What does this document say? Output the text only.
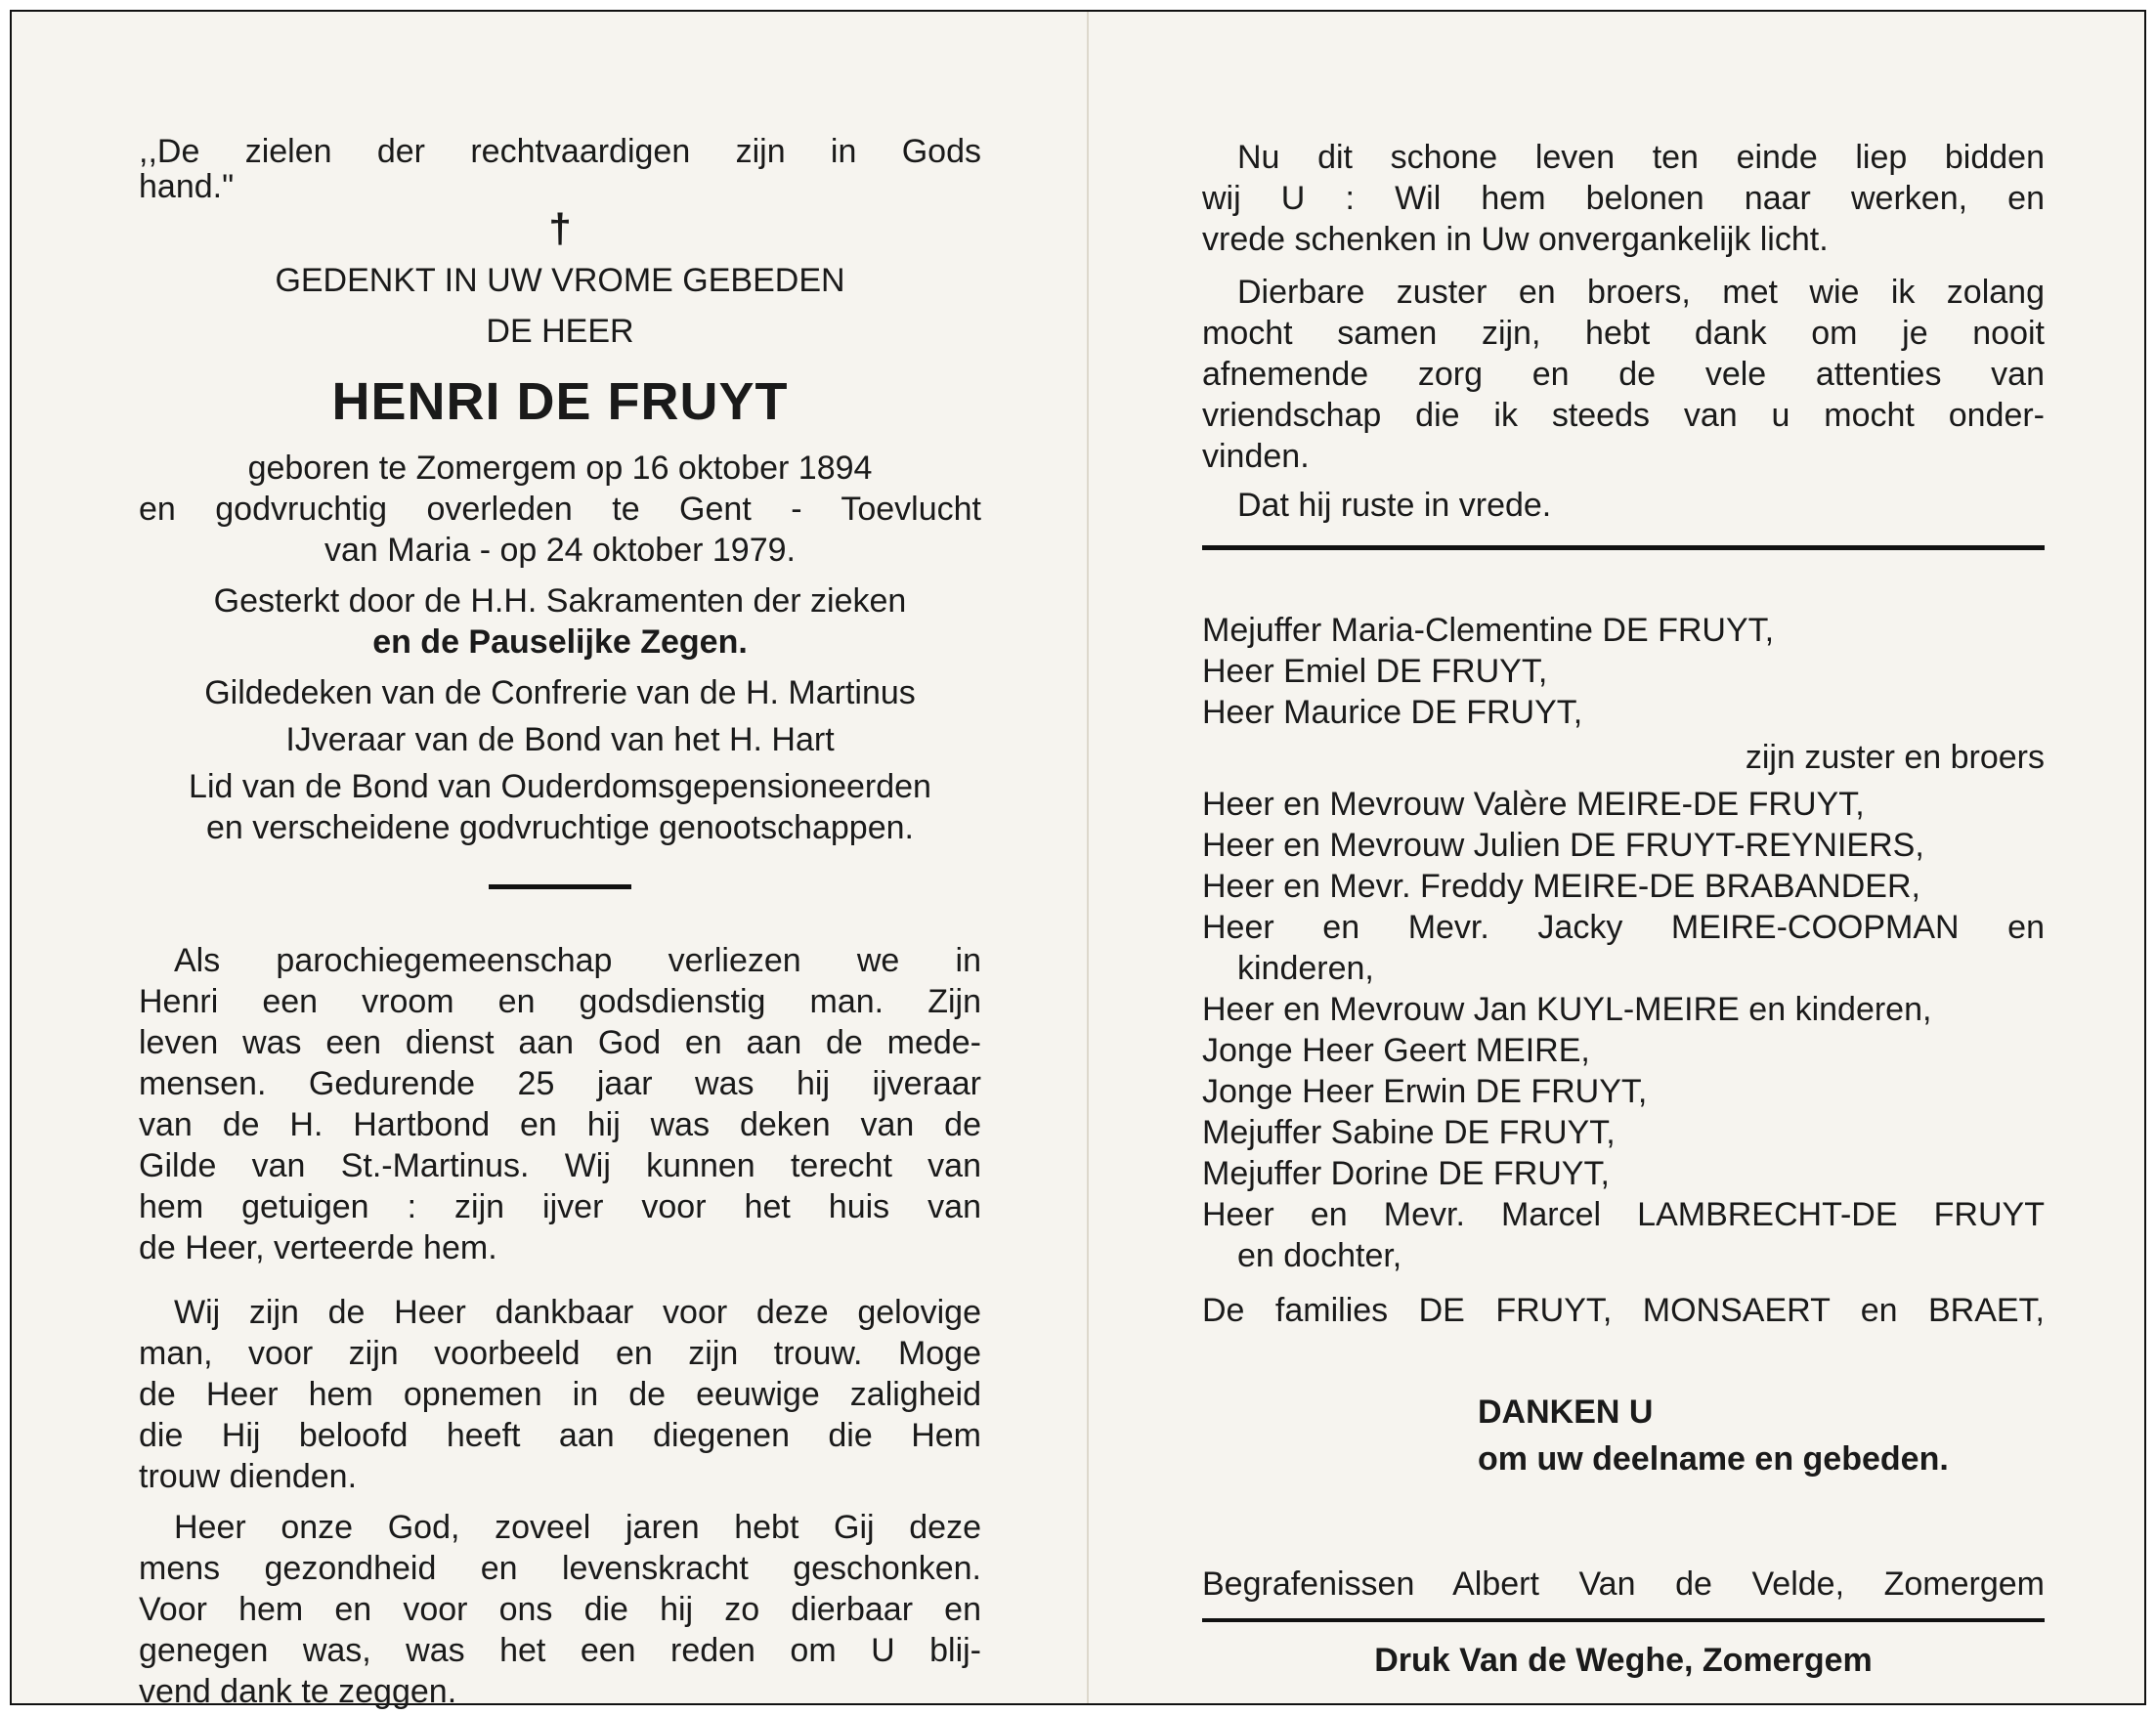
,,De zielen der rechtvaardigen zijn in Gods
hand."
†
GEDENKT IN UW VROME GEBEDEN
DE HEER
HENRI DE FRUYT
geboren te Zomergem op 16 oktober 1894
en godvruchtig overleden te Gent - Toevlucht
van Maria - op 24 oktober 1979.
Gesterkt door de H.H. Sakramenten der zieken
en de Pauselijke Zegen.
Gildedeken van de Confrerie van de H. Martinus
IJveraar van de Bond van het H. Hart
Lid van de Bond van Ouderdomsgepensioneerden
en verscheidene godvruchtige genootschappen.
Als parochiegemeenschap verliezen we in
Henri een vroom en godsdienstig man. Zijn
leven was een dienst aan God en aan de mede-
mensen. Gedurende 25 jaar was hij ijveraar
van de H. Hartbond en hij was deken van de
Gilde van St.-Martinus. Wij kunnen terecht van
hem getuigen : zijn ijver voor het huis van
de Heer, verteerde hem.
Wij zijn de Heer dankbaar voor deze gelovige
man, voor zijn voorbeeld en zijn trouw. Moge
de Heer hem opnemen in de eeuwige zaligheid
die Hij beloofd heeft aan diegenen die Hem
trouw dienden.
Heer onze God, zoveel jaren hebt Gij deze
mens gezondheid en levenskracht geschonken.
Voor hem en voor ons die hij zo dierbaar en
genegen was, was het een reden om U blij-
vend dank te zeggen.
Nu dit schone leven ten einde liep bidden
wij U : Wil hem belonen naar werken, en
vrede schenken in Uw onvergankelijk licht.
Dierbare zuster en broers, met wie ik zolang
mocht samen zijn, hebt dank om je nooit
afnemende zorg en de vele attenties van
vriendschap die ik steeds van u mocht onder-
vinden.
Dat hij ruste in vrede.
Mejuffer Maria-Clementine DE FRUYT,
Heer Emiel DE FRUYT,
Heer Maurice DE FRUYT,
zijn zuster en broers
Heer en Mevrouw Valère MEIRE-DE FRUYT,
Heer en Mevrouw Julien DE FRUYT-REYNIERS,
Heer en Mevr. Freddy MEIRE-DE BRABANDER,
Heer en Mevr. Jacky MEIRE-COOPMAN en
kinderen,
Heer en Mevrouw Jan KUYL-MEIRE en kinderen,
Jonge Heer Geert MEIRE,
Jonge Heer Erwin DE FRUYT,
Mejuffer Sabine DE FRUYT,
Mejuffer Dorine DE FRUYT,
Heer en Mevr. Marcel LAMBRECHT-DE FRUYT
en dochter,
De families DE FRUYT, MONSAERT en BRAET,
DANKEN U
om uw deelname en gebeden.
Begrafenissen Albert Van de Velde, Zomergem
Druk Van de Weghe, Zomergem
